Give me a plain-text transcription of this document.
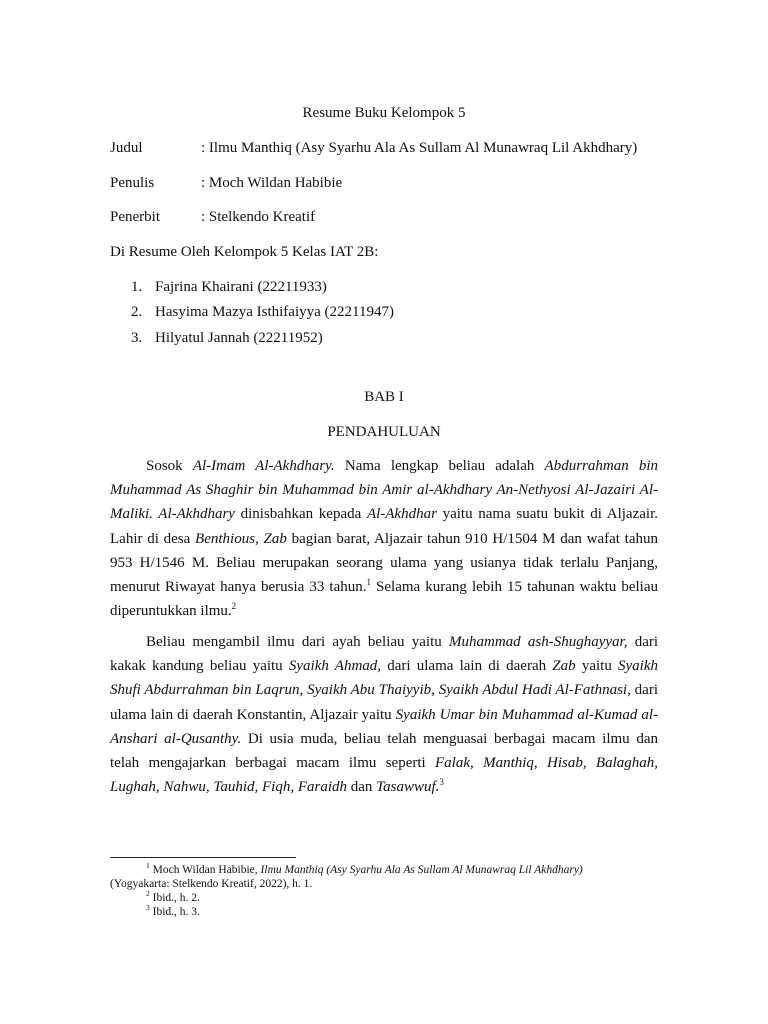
Resume Buku Kelompok 5
Judul	: Ilmu Manthiq (Asy Syarhu Ala As Sullam Al Munawraq Lil Akhdhary)
Penulis	: Moch Wildan Habibie
Penerbit	: Stelkendo Kreatif
Di Resume Oleh Kelompok 5 Kelas IAT 2B:
1. Fajrina Khairani (22211933)
2. Hasyima Mazya Isthifaiyya (22211947)
3. Hilyatul Jannah (22211952)
BAB I
PENDAHULUAN

Sosok Al-Imam Al-Akhdhary. Nama lengkap beliau adalah Abdurrahman bin Muhammad As Shaghir bin Muhammad bin Amir al-Akhdhary An-Nethyosi Al-Jazairi Al-Maliki. Al-Akhdhary dinisbahkan kepada Al-Akhdhar yaitu nama suatu bukit di Aljazair. Lahir di desa Benthious, Zab bagian barat, Aljazair tahun 910 H/1504 M dan wafat tahun 953 H/1546 M. Beliau merupakan seorang ulama yang usianya tidak terlalu Panjang, menurut Riwayat hanya berusia 33 tahun.$^1$ Selama kurang lebih 15 tahunan waktu beliau diperuntukkan ilmu.$^2$

Beliau mengambil ilmu dari ayah beliau yaitu Muhammad ash-Shughayyar, dari kakak kandung beliau yaitu Syaikh Ahmad, dari ulama lain di daerah Zab yaitu Syaikh Shufi Abdurrahman bin Laqrun, Syaikh Abu Thaiyyib, Syaikh Abdul Hadi Al-Fathnasi, dari ulama lain di daerah Konstantin, Aljazair yaitu Syaikh Umar bin Muhammad al-Kumad al-Anshari al-Qusanthy. Di usia muda, beliau telah menguasai berbagai macam ilmu dan telah mengajarkan berbagai macam ilmu seperti Falak, Manthiq, Hisab, Balaghah, Lughah, Nahwu, Tauhid, Fiqh, Faraidh dan Tasawwuf.$^3$

$^1$ Moch Wildan Habibie, Ilmu Manthiq (Asy Syarhu Ala As Sullam Al Munawraq Lil Akhdhary)
(Yogyakarta: Stelkendo Kreatif, 2022), h. 1.
$^2$ Ibid., h. 2.
$^3$ Ibid., h. 3.
